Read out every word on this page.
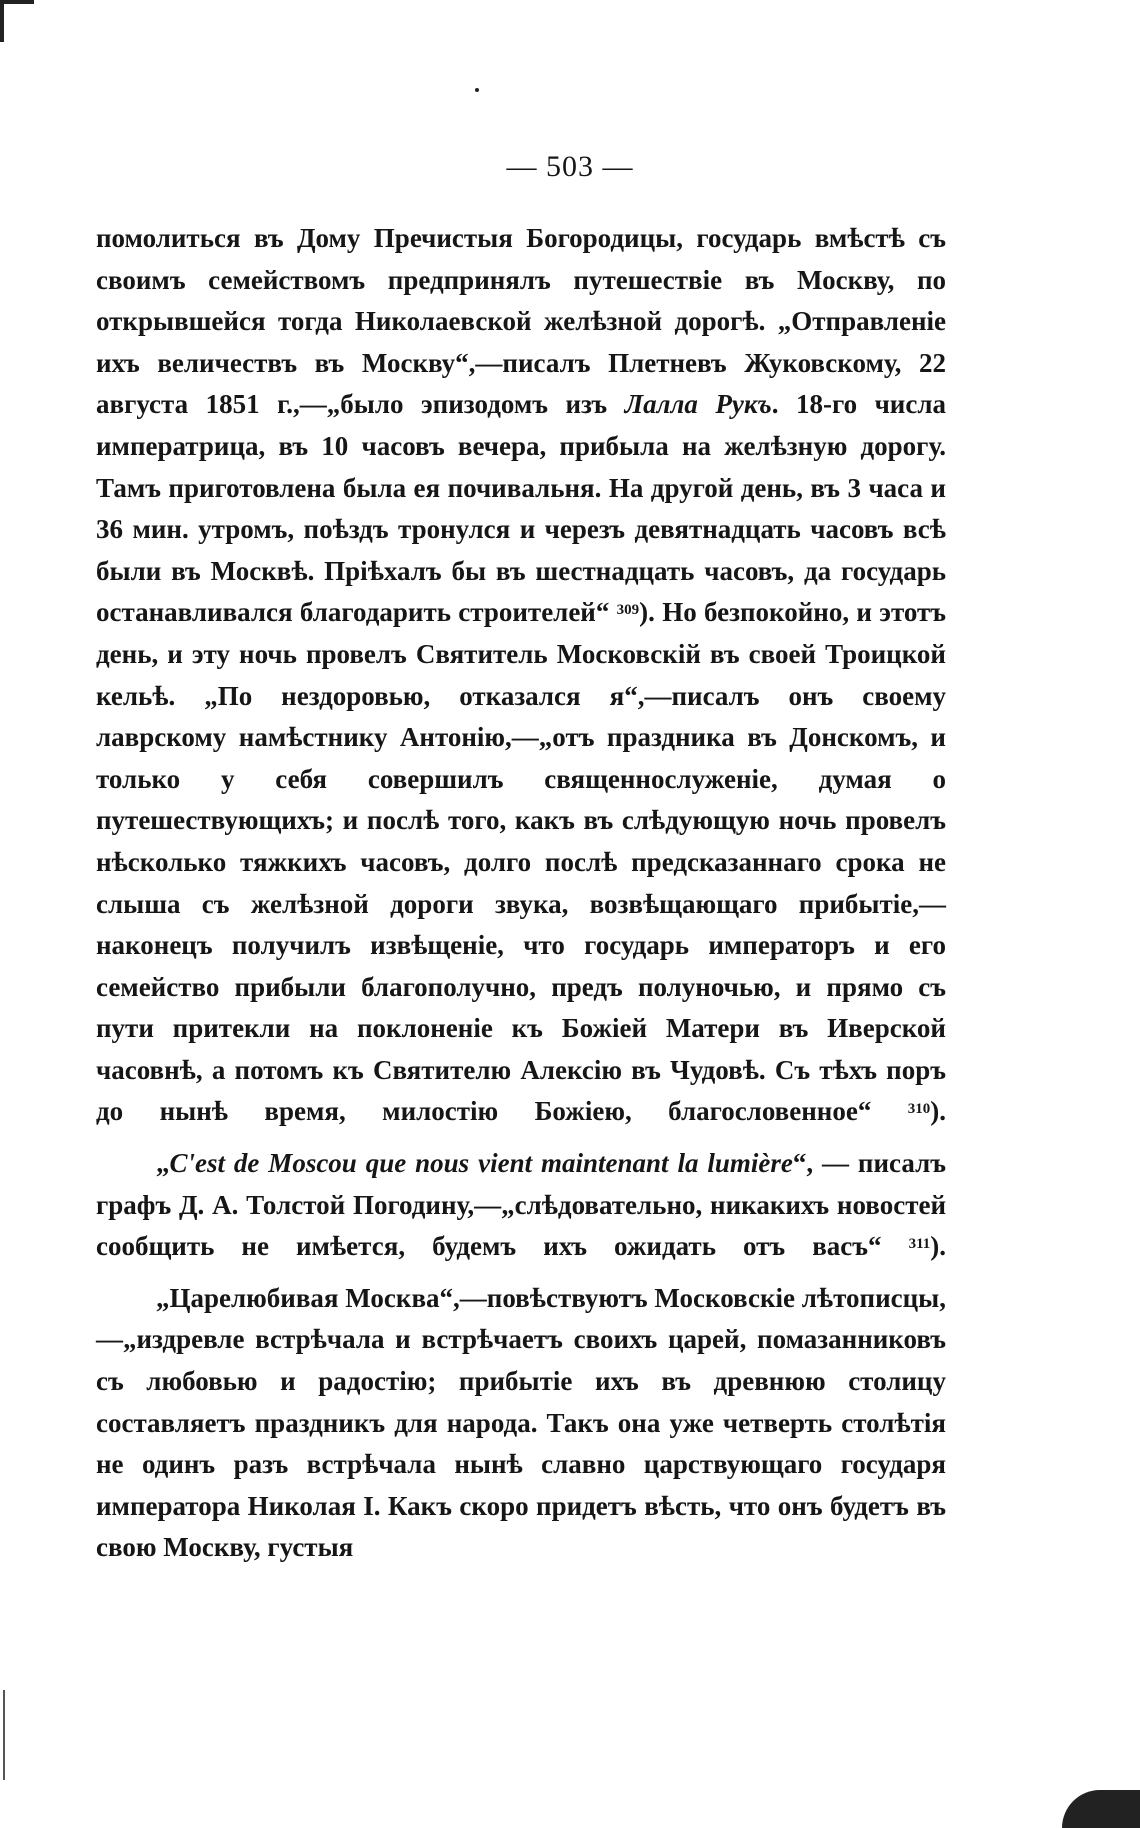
— 503 —

помолиться въ Дому Пречистыя Богородицы, государь вмѣстѣ съ своимъ семействомъ предпринялъ путешествіе въ Москву, по открывшейся тогда Николаевской желѣзной дорогѣ. „Отправленіе ихъ величествъ въ Москву“,—писалъ Плетневъ Жуковскому, 22 августа 1851 г.,—„было эпизодомъ изъ Лалла Рукъ. 18-го числа императрица, въ 10 часовъ вечера, прибыла на желѣзную дорогу. Тамъ приготовлена была ея почивальня. На другой день, въ 3 часа и 36 мин. утромъ, поѣздъ тронулся и черезъ девятнадцать часовъ всѣ были въ Москвѣ. Пріѣхалъ бы въ шестнадцать часовъ, да государь останавливался благодарить строителей“ $^{309}$). Но безпокойно, и этотъ день, и эту ночь провелъ Святитель Московскій въ своей Троицкой кельѣ. „По нездоровью, отказался я“,—писалъ онъ своему лаврскому намѣстнику Антонію,—„отъ праздника въ Донскомъ, и только у себя совершилъ священнослуженіе, думая о путешествующихъ; и послѣ того, какъ въ слѣдующую ночь провелъ нѣсколько тяжкихъ часовъ, долго послѣ предсказаннаго срока не слыша съ желѣзной дороги звука, возвѣщающаго прибытіе,—наконецъ получилъ извѣщеніе, что государь императоръ и его семейство прибыли благополучно, предъ полуночью, и прямо съ пути притекли на поклоненіе къ Божіей Матери въ Иверской часовнѣ, а потомъ къ Святителю Алексію въ Чудовѣ. Съ тѣхъ поръ до нынѣ время, милостію Божіею, благословенное“ $^{310}$).

„C'est de Moscou que nous vient maintenant la lumière“, — писалъ графъ Д. А. Толстой Погодину,—„слѣдовательно, никакихъ новостей сообщить не имѣется, будемъ ихъ ожидать отъ васъ“ $^{311}$).

„Царелюбивая Москва“,—повѣствуютъ Московскіе лѣтописцы,—„издревле встрѣчала и встрѣчаетъ своихъ царей, помазанниковъ съ любовью и радостію; прибытіе ихъ въ древнюю столицу составляетъ праздникъ для народа. Такъ она уже четверть столѣтія не одинъ разъ встрѣчала нынѣ славно царствующаго государя императора Николая I. Какъ скоро придетъ вѣсть, что онъ будетъ въ свою Москву, густыя
